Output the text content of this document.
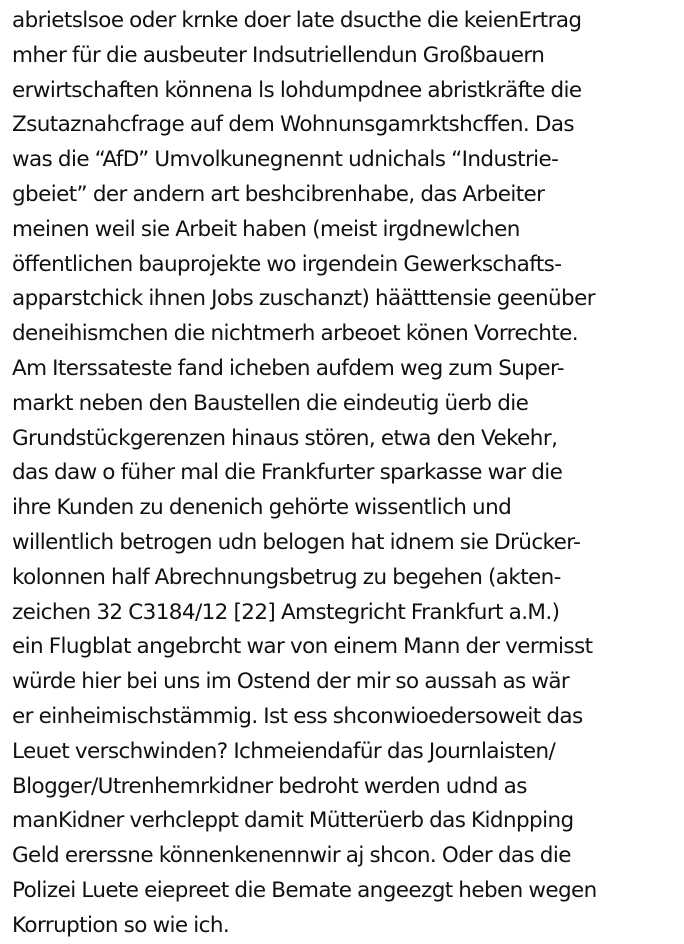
abrietslsoe oder krnke doer late dsucthe die keienErtrag
mher für die ausbeuter Indsutriellendun Großbauern
erwirtschaften könnena ls lohdumpdnee abristkräfte die
Zsutaznahcfrage auf dem Wohnunsgamrktshcffen. Das
was die “AfD” Umvolkunegnennt udnichals “Industrie-
gbeiet” der andern art beshcibrenhabe, das Arbeiter
meinen weil sie Arbeit haben (meist irgdnewlchen
öffentlichen bauprojekte wo irgendein Gewerkschafts-
apparstchick ihnen Jobs zuschanzt) häätttensie geenüber
deneihismchen die nichtmerh arbeoet könen Vorrechte.
Am Iterssateste fand icheben aufdem weg zum Super-
markt neben den Baustellen die eindeutig üerb die
Grundstückgerenzen hinaus stören, etwa den Vekehr,
das daw o füher mal die Frankfurter sparkasse war die
ihre Kunden zu denenich gehörte wissentlich und
willentlich betrogen udn belogen hat idnem sie Drücker-
kolonnen half Abrechnungsbetrug zu begehen (akten-
zeichen 32 C3184/12 [22] Amstegricht Frankfurt a.M.)
ein Flugblat angebrcht war von einem Mann der vermisst
würde hier bei uns im Ostend der mir so aussah as wär
er einheimischstämmig. Ist ess shconwioedersoweit das
Leuet verschwinden? Ichmeiendafür das Journlaisten/
Blogger/Utrenhemrkidner bedroht werden udnd as
manKidner verhcleppt damit Mütterüerb das Kidnpping
Geld ererssne könnenkenennwir aj shcon. Oder das die
Polizei Luete eiepreet die Bemate angeezgt heben wegen
Korruption so wie ich.
